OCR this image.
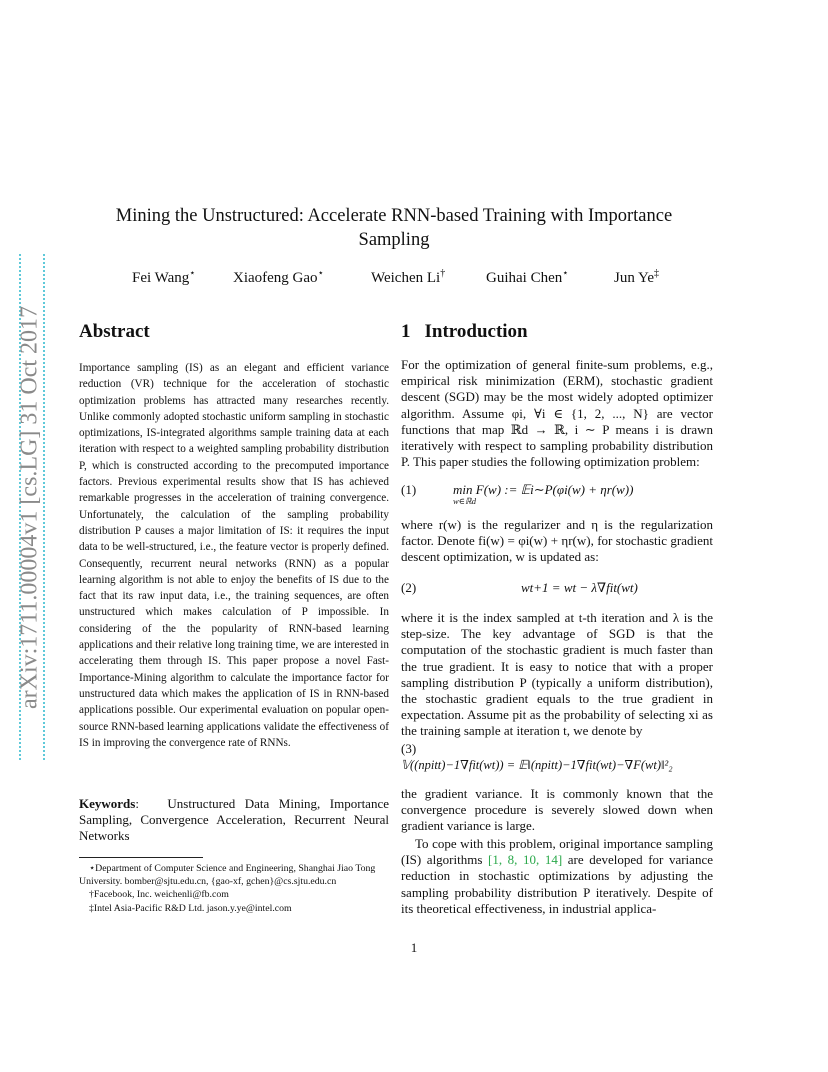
arXiv:1711.00004v1 [cs.LG] 31 Oct 2017
Mining the Unstructured: Accelerate RNN-based Training with Importance Sampling
Fei Wang⋆ Xiaofeng Gao⋆	Weichen Li†	Guihai Chen⋆	Jun Ye‡
Abstract
Importance sampling (IS) as an elegant and efficient variance reduction (VR) technique for the acceleration of stochastic optimization problems has attracted many researches recently. Unlike commonly adopted stochastic uniform sampling in stochastic optimizations, IS-integrated algorithms sample training data at each iteration with respect to a weighted sampling probability distribution P, which is constructed according to the precomputed importance factors. Previous experimental results show that IS has achieved remarkable progresses in the acceleration of training convergence. Unfortunately, the calculation of the sampling probability distribution P causes a major limitation of IS: it requires the input data to be well-structured, i.e., the feature vector is properly defined. Consequently, recurrent neural networks (RNN) as a popular learning algorithm is not able to enjoy the benefits of IS due to the fact that its raw input data, i.e., the training sequences, are often unstructured which makes calculation of P impossible. In considering of the the popularity of RNN-based learning applications and their relative long training time, we are interested in accelerating them through IS. This paper propose a novel Fast-Importance-Mining algorithm to calculate the importance factor for unstructured data which makes the application of IS in RNN-based applications possible. Our experimental evaluation on popular open-source RNN-based learning applications validate the effectiveness of IS in improving the convergence rate of RNNs.
Keywords:   Unstructured Data Mining, Importance Sampling, Convergence Acceleration, Recurrent Neural Networks

⋆Department of Computer Science and Engineering, Shanghai Jiao Tong University. bomber@sjtu.edu.cn, {gao-xf, gchen}@cs.sjtu.edu.cn

†Facebook, Inc. weichenli@fb.com

‡Intel Asia-Pacific R&D Ltd. jason.y.ye@intel.com

1 Introduction

For the optimization of general finite-sum problems, e.g., empirical risk minimization (ERM), stochastic gradient descent (SGD) may be the most widely adopted optimizer algorithm. Assume φi, ∀i ∈ {1, 2, ..., N} are vector functions that map ℝd → ℝ, i ∼ P means i is drawn iteratively with respect to sampling probability distribution P. This paper studies the following optimization problem:

(1)	min F(w) := 𝔼i∼P(φi(w) + ηr(w))
w∈ℝd

where r(w) is the regularizer and η is the regularization factor. Denote fi(w) = φi(w) + ηr(w), for stochastic gradient descent optimization, w is updated as:

(2)	wt+1 = wt − λ∇fit(wt)

where it is the index sampled at t-th iteration and λ is the step-size. The key advantage of SGD is that the computation of the stochastic gradient is much faster than the true gradient. It is easy to notice that with a proper sampling distribution P (typically a uniform distribution), the stochastic gradient equals to the true gradient in expectation. Assume pit as the probability of selecting xi as the training sample at iteration t, we denote by

(3)
𝕍((npitt)−1∇fit(wt)) = 𝔼‖(npitt)−1∇fit(wt)−∇F(wt)‖²₂

the gradient variance. It is commonly known that the convergence procedure is severely slowed down when gradient variance is large.

To cope with this problem, original importance sampling (IS) algorithms [1, 8, 10, 14] are developed for variance reduction in stochastic optimizations by adjusting the sampling probability distribution P iteratively. Despite of its theoretical effectiveness, in industrial applica-

1
